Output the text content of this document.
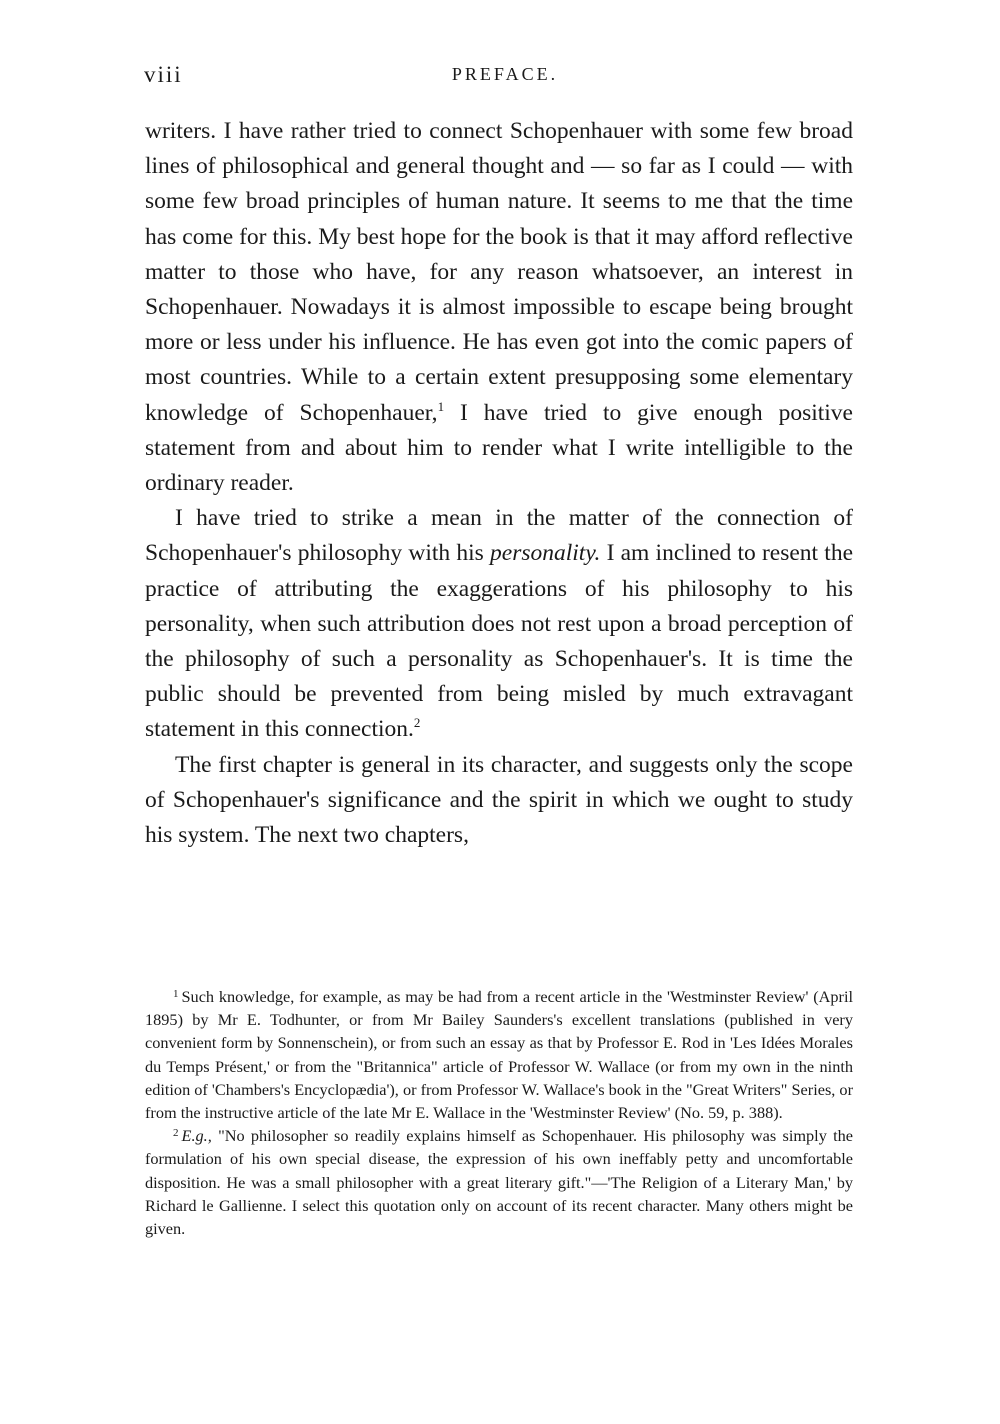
viii	PREFACE.

writers. I have rather tried to connect Schopenhauer with some few broad lines of philosophical and general thought and — so far as I could — with some few broad principles of human nature. It seems to me that the time has come for this. My best hope for the book is that it may afford reflective matter to those who have, for any reason whatsoever, an interest in Schopenhauer. Nowadays it is almost impossible to escape being brought more or less under his influence. He has even got into the comic papers of most countries. While to a certain extent presupposing some elementary knowledge of Schopenhauer,$^1$ I have tried to give enough positive statement from and about him to render what I write intelligible to the ordinary reader.

I have tried to strike a mean in the matter of the connection of Schopenhauer's philosophy with his personality. I am inclined to resent the practice of attributing the exaggerations of his philosophy to his personality, when such attribution does not rest upon a broad perception of the philosophy of such a personality as Schopenhauer's. It is time the public should be prevented from being misled by much extravagant statement in this connection.$^2$

The first chapter is general in its character, and suggests only the scope of Schopenhauer's significance and the spirit in which we ought to study his system. The next two chapters,

$^1$ Such knowledge, for example, as may be had from a recent article in the 'Westminster Review' (April 1895) by Mr E. Todhunter, or from Mr Bailey Saunders's excellent translations (published in very convenient form by Sonnenschein), or from such an essay as that by Professor E. Rod in 'Les Idées Morales du Temps Présent,' or from the "Britannica" article of Professor W. Wallace (or from my own in the ninth edition of 'Chambers's Encyclopædia'), or from Professor W. Wallace's book in the "Great Writers" Series, or from the instructive article of the late Mr E. Wallace in the 'Westminster Review' (No. 59, p. 388).

$^2$ E.g., "No philosopher so readily explains himself as Schopenhauer. His philosophy was simply the formulation of his own special disease, the expression of his own ineffably petty and uncomfortable disposition. He was a small philosopher with a great literary gift."—'The Religion of a Literary Man,' by Richard le Gallienne. I select this quotation only on account of its recent character. Many others might be given.
